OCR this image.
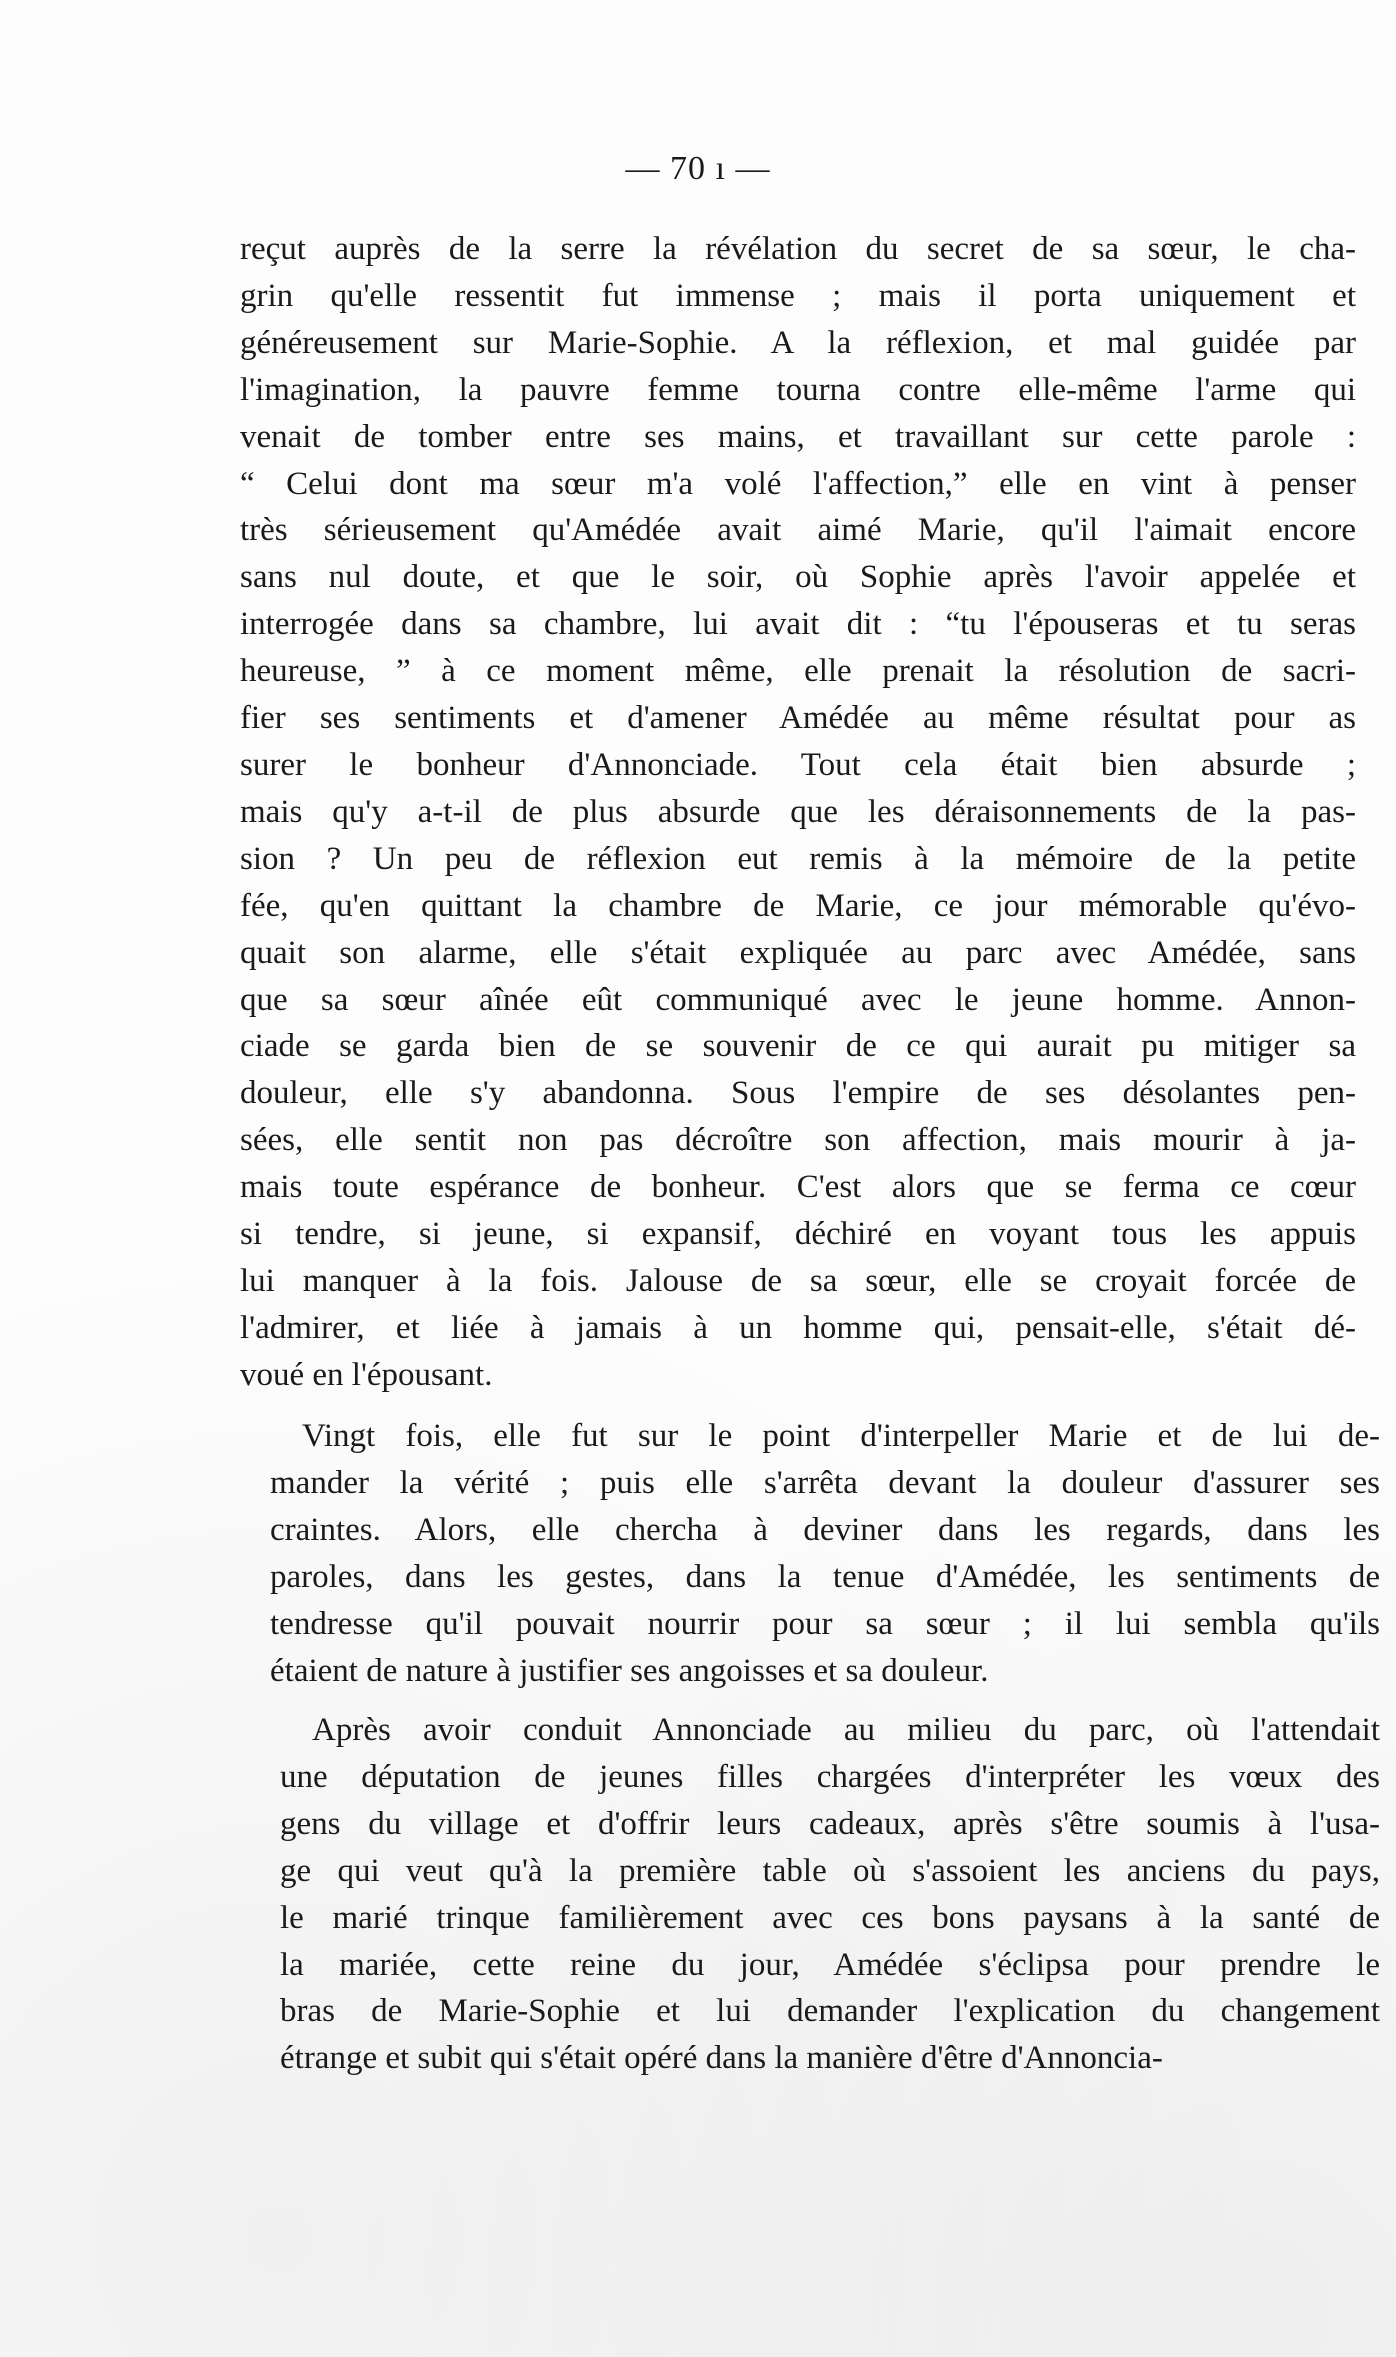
— 70 ı —
reçut auprès de la serre la révélation du secret de sa sœur, le cha-
grin qu'elle ressentit fut immense ; mais il porta uniquement et
généreusement sur Marie-Sophie. A la réflexion, et mal guidée par
l'imagination, la pauvre femme tourna contre elle-même l'arme qui
venait de tomber entre ses mains, et travaillant sur cette parole :
“ Celui dont ma sœur m'a volé l'affection,” elle en vint à penser
très sérieusement qu'Amédée avait aimé Marie, qu'il l'aimait encore
sans nul doute, et que le soir, où Sophie après l'avoir appelée et
interrogée dans sa chambre, lui avait dit : “tu l'épouseras et tu seras
heureuse, ” à ce moment même, elle prenait la résolution de sacri-
fier ses sentiments et d'amener Amédée au même résultat pour as
surer le bonheur d'Annonciade. Tout cela était bien absurde ;
mais qu'y a-t-il de plus absurde que les déraisonnements de la pas-
sion ? Un peu de réflexion eut remis à la mémoire de la petite
fée, qu'en quittant la chambre de Marie, ce jour mémorable qu'évo-
quait son alarme, elle s'était expliquée au parc avec Amédée, sans
que sa sœur aînée eût communiqué avec le jeune homme. Annon-
ciade se garda bien de se souvenir de ce qui aurait pu mitiger sa
douleur, elle s'y abandonna. Sous l'empire de ses désolantes pen-
sées, elle sentit non pas décroître son affection, mais mourir à ja-
mais toute espérance de bonheur. C'est alors que se ferma ce cœur
si tendre, si jeune, si expansif, déchiré en voyant tous les appuis
lui manquer à la fois. Jalouse de sa sœur, elle se croyait forcée de
l'admirer, et liée à jamais à un homme qui, pensait-elle, s'était dé-
voué en l'épousant.
Vingt fois, elle fut sur le point d'interpeller Marie et de lui de-
mander la vérité ; puis elle s'arrêta devant la douleur d'assurer ses
craintes. Alors, elle chercha à deviner dans les regards, dans les
paroles, dans les gestes, dans la tenue d'Amédée, les sentiments de
tendresse qu'il pouvait nourrir pour sa sœur ; il lui sembla qu'ils
étaient de nature à justifier ses angoisses et sa douleur.
Après avoir conduit Annonciade au milieu du parc, où l'attendait
une députation de jeunes filles chargées d'interpréter les vœux des
gens du village et d'offrir leurs cadeaux, après s'être soumis à l'usa-
ge qui veut qu'à la première table où s'assoient les anciens du pays,
le marié trinque familièrement avec ces bons paysans à la santé de
la mariée, cette reine du jour, Amédée s'éclipsa pour prendre le
bras de Marie-Sophie et lui demander l'explication du changement
étrange et subit qui s'était opéré dans la manière d'être d'Annoncia-
